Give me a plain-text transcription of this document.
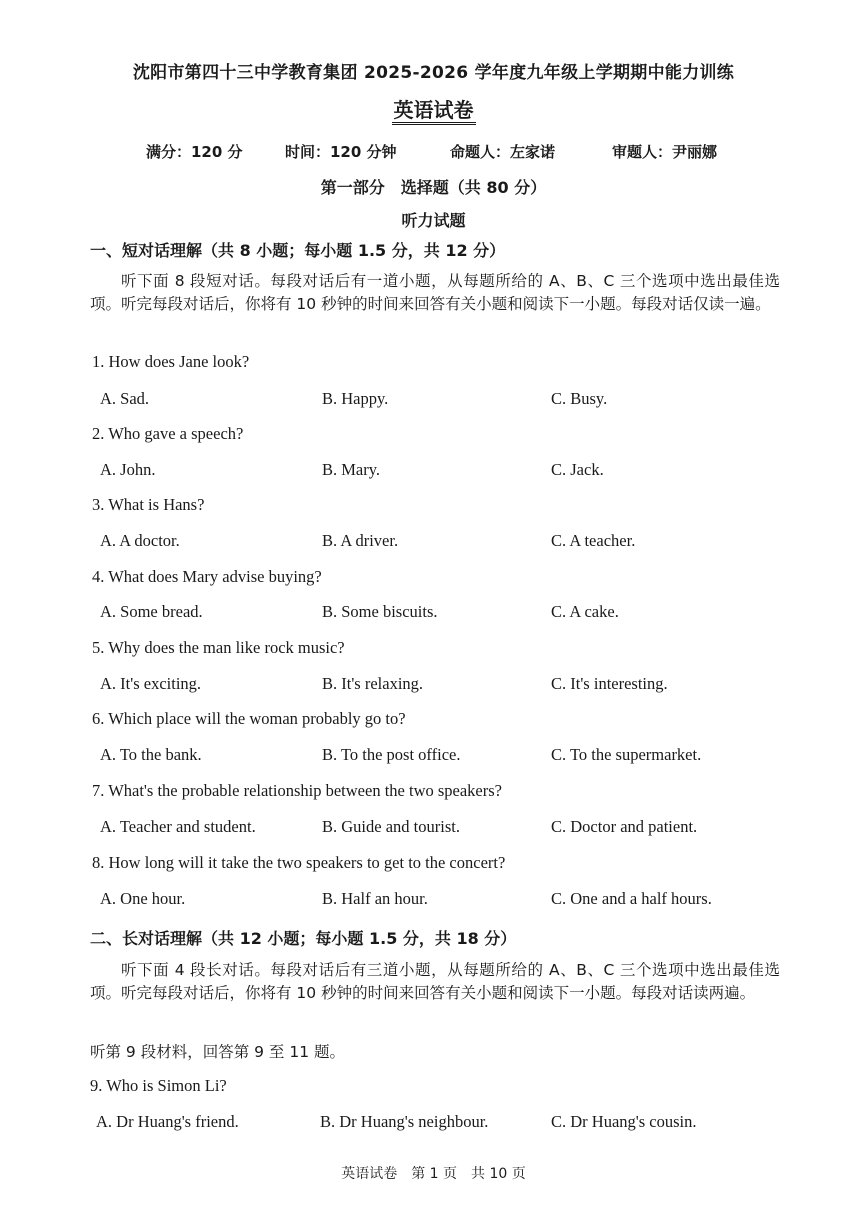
沈阳市第四十三中学教育集团 2025-2026 学年度九年级上学期期中能力训练
英语试卷
满分：120 分	时间：120 分钟	命题人：左家诺	审题人：尹丽娜
第一部分　选择题（共 80 分）
听力试题
一、短对话理解（共 8 小题；每小题 1.5 分，共 12 分）
听下面 8 段短对话。每段对话后有一道小题，从每题所给的 A、B、C 三个选项中选出最佳选项。听完每段对话后，你将有 10 秒钟的时间来回答有关小题和阅读下一小题。每段对话仅读一遍。
1. How does Jane look?
A. Sad.	B. Happy.	C. Busy.
2. Who gave a speech?
A. John.	B. Mary.	C. Jack.
3. What is Hans?
A. A doctor.	B. A driver.	C. A teacher.
4. What does Mary advise buying?
A. Some bread.	B. Some biscuits.	C. A cake.
5. Why does the man like rock music?
A. It's exciting.	B. It's relaxing.	C. It's interesting.
6. Which place will the woman probably go to?
A. To the bank.	B. To the post office.	C. To the supermarket.
7. What's the probable relationship between the two speakers?
A. Teacher and student.	B. Guide and tourist.	C. Doctor and patient.
8. How long will it take the two speakers to get to the concert?
A. One hour.	B. Half an hour.	C. One and a half hours.
二、长对话理解（共 12 小题；每小题 1.5 分，共 18 分）
听下面 4 段长对话。每段对话后有三道小题，从每题所给的 A、B、C 三个选项中选出最佳选项。听完每段对话后，你将有 10 秒钟的时间来回答有关小题和阅读下一小题。每段对话读两遍。
听第 9 段材料，回答第 9 至 11 题。
9. Who is Simon Li?
A. Dr Huang's friend.	B. Dr Huang's neighbour.	C. Dr Huang's cousin.
英语试卷　第 1 页　共 10 页
